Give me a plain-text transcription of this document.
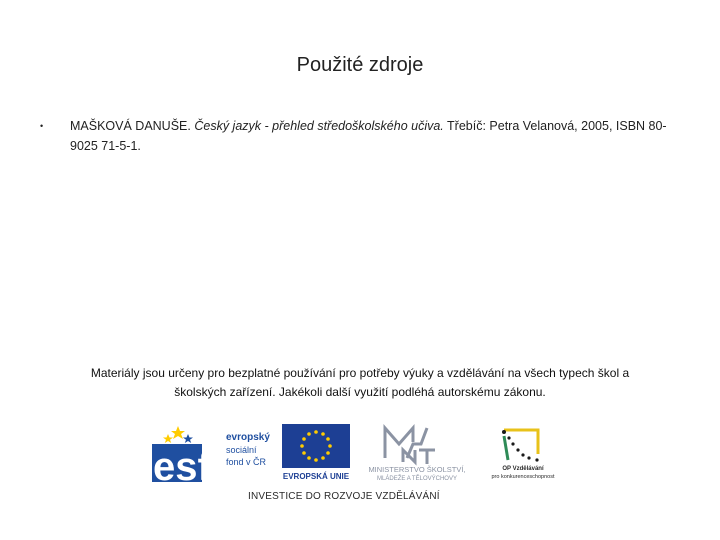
Použité zdroje
•	MAŠKOVÁ DANUŠE. Český jazyk - přehled středoškolského učiva. Třebíč: Petra Velanová, 2005, ISBN 80-9025 71-5-1.
Materiály jsou určeny pro bezplatné používání pro potřeby výuky a vzdělávání na všech typech škol a
školských zařízení. Jakékoli další využití podléhá autorskému zákonu.
esf
evropský
sociální
fond v ČR
EVROPSKÁ UNIE
MINISTERSTVO ŠKOLSTVÍ,
MLÁDEŽE A TĚLOVÝCHOVY
OP Vzdělávání
pro konkurenceschopnost
INVESTICE DO ROZVOJE VZDĚLÁVÁNÍ
